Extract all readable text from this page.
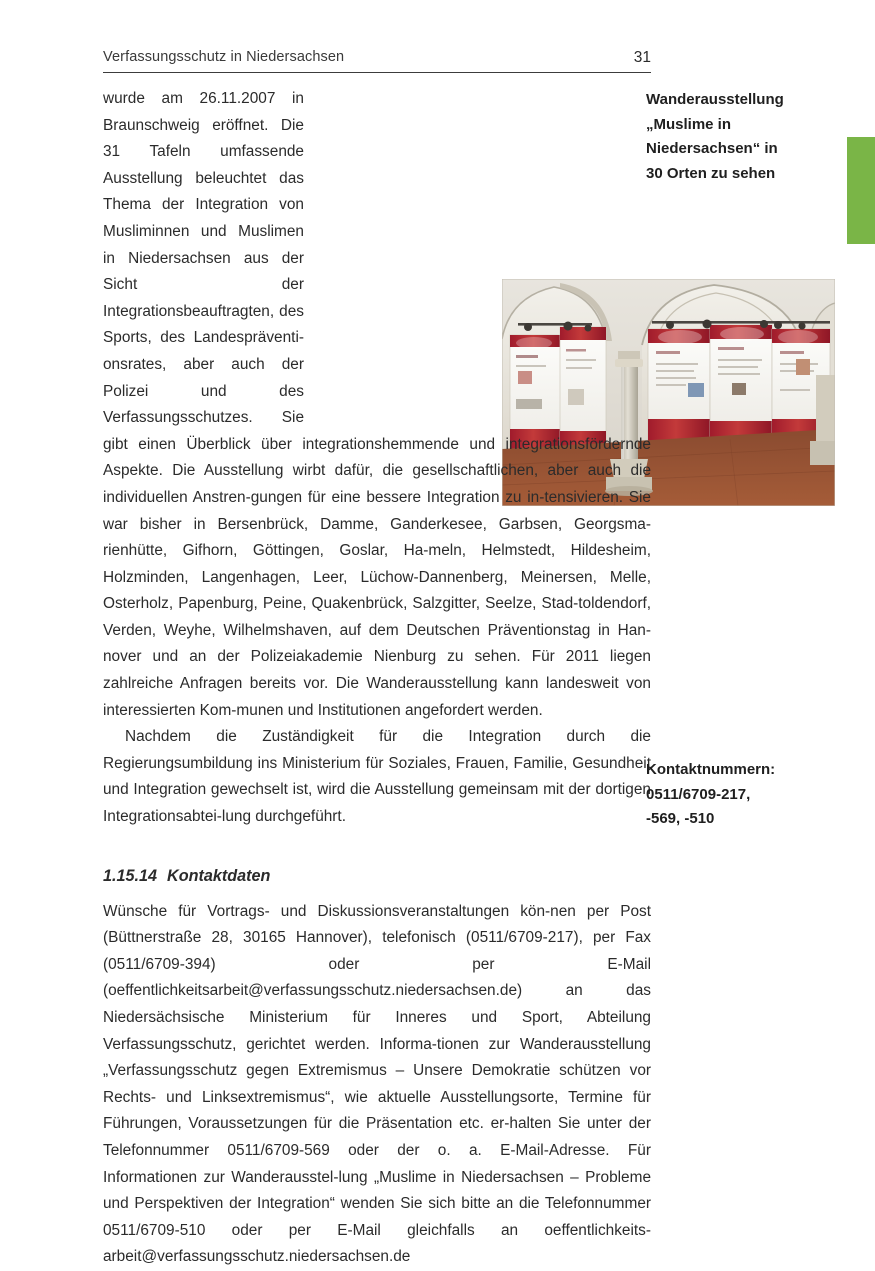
Verfassungsschutz in Niedersachsen	31

wurde am 26.11.2007 in Braunschweig eröffnet. Die 31 Tafeln umfassende Ausstellung beleuchtet das Thema der Integration von Musliminnen und Muslimen in Niedersachsen aus der Sicht der Integrationsbeauftragten, des Sports, des Landespräventi-onsrates, aber auch der Polizei und des Verfassungsschutzes. Sie gibt einen Überblick über integrationshemmende und integrationsfördernde Aspekte. Die Ausstellung wirbt dafür, die gesellschaftlichen, aber auch die individuellen Anstren-gungen für eine bessere Integration zu in-tensivieren. Sie war bisher in Bersenbrück, Damme, Ganderkesee, Garbsen, Georgsma-rienhütte, Gifhorn, Göttingen, Goslar, Ha-meln, Helmstedt, Hildesheim, Holzminden, Langenhagen, Leer, Lüchow-Dannenberg, Meinersen, Melle, Osterholz, Papenburg, Peine, Quakenbrück, Salzgitter, Seelze, Stad-toldendorf, Verden, Weyhe, Wilhelmshaven, auf dem Deutschen Präventionstag in Han-nover und an der Polizeiakademie Nienburg zu sehen. Für 2011 liegen zahlreiche Anfragen bereits vor. Die Wanderausstellung kann landesweit von interessierten Kom-munen und Institutionen angefordert werden.

Nachdem die Zuständigkeit für die Integration durch die Regierungsumbildung ins Ministerium für Soziales, Frauen, Familie, Gesundheit und Integration gewechselt ist, wird die Ausstellung gemeinsam mit der dortigen Integrationsabtei-lung durchgeführt.

1.15.14 Kontaktdaten

Wünsche für Vortrags- und Diskussionsveranstaltungen kön-nen per Post (Büttnerstraße 28, 30165 Hannover), telefonisch (0511/6709-217), per Fax (0511/6709-394) oder per E-Mail (oeffentlichkeitsarbeit@verfassungsschutz.niedersachsen.de) an das Niedersächsische Ministerium für Inneres und Sport, Abteilung Verfassungsschutz, gerichtet werden. Informa-tionen zur Wanderausstellung „Verfassungsschutz gegen Extremismus – Unsere Demokratie schützen vor Rechts- und Linksextremismus“, wie aktuelle Ausstellungsorte, Termine für Führungen, Voraussetzungen für die Präsentation etc. er-halten Sie unter der Telefonnummer 0511/6709-569 oder der o. a. E-Mail-Adresse. Für Informationen zur Wanderausstel-lung „Muslime in Niedersachsen – Probleme und Perspektiven der Integration“ wenden Sie sich bitte an die Telefonnummer 0511/6709-510 oder per E-Mail gleichfalls an oeffentlichkeits-arbeit@verfassungsschutz.niedersachsen.de

Wanderausstellung
„Muslime in
Niedersachsen“ in
30 Orten zu sehen
Kontaktnummern:
0511/6709-217,
-569, -510
